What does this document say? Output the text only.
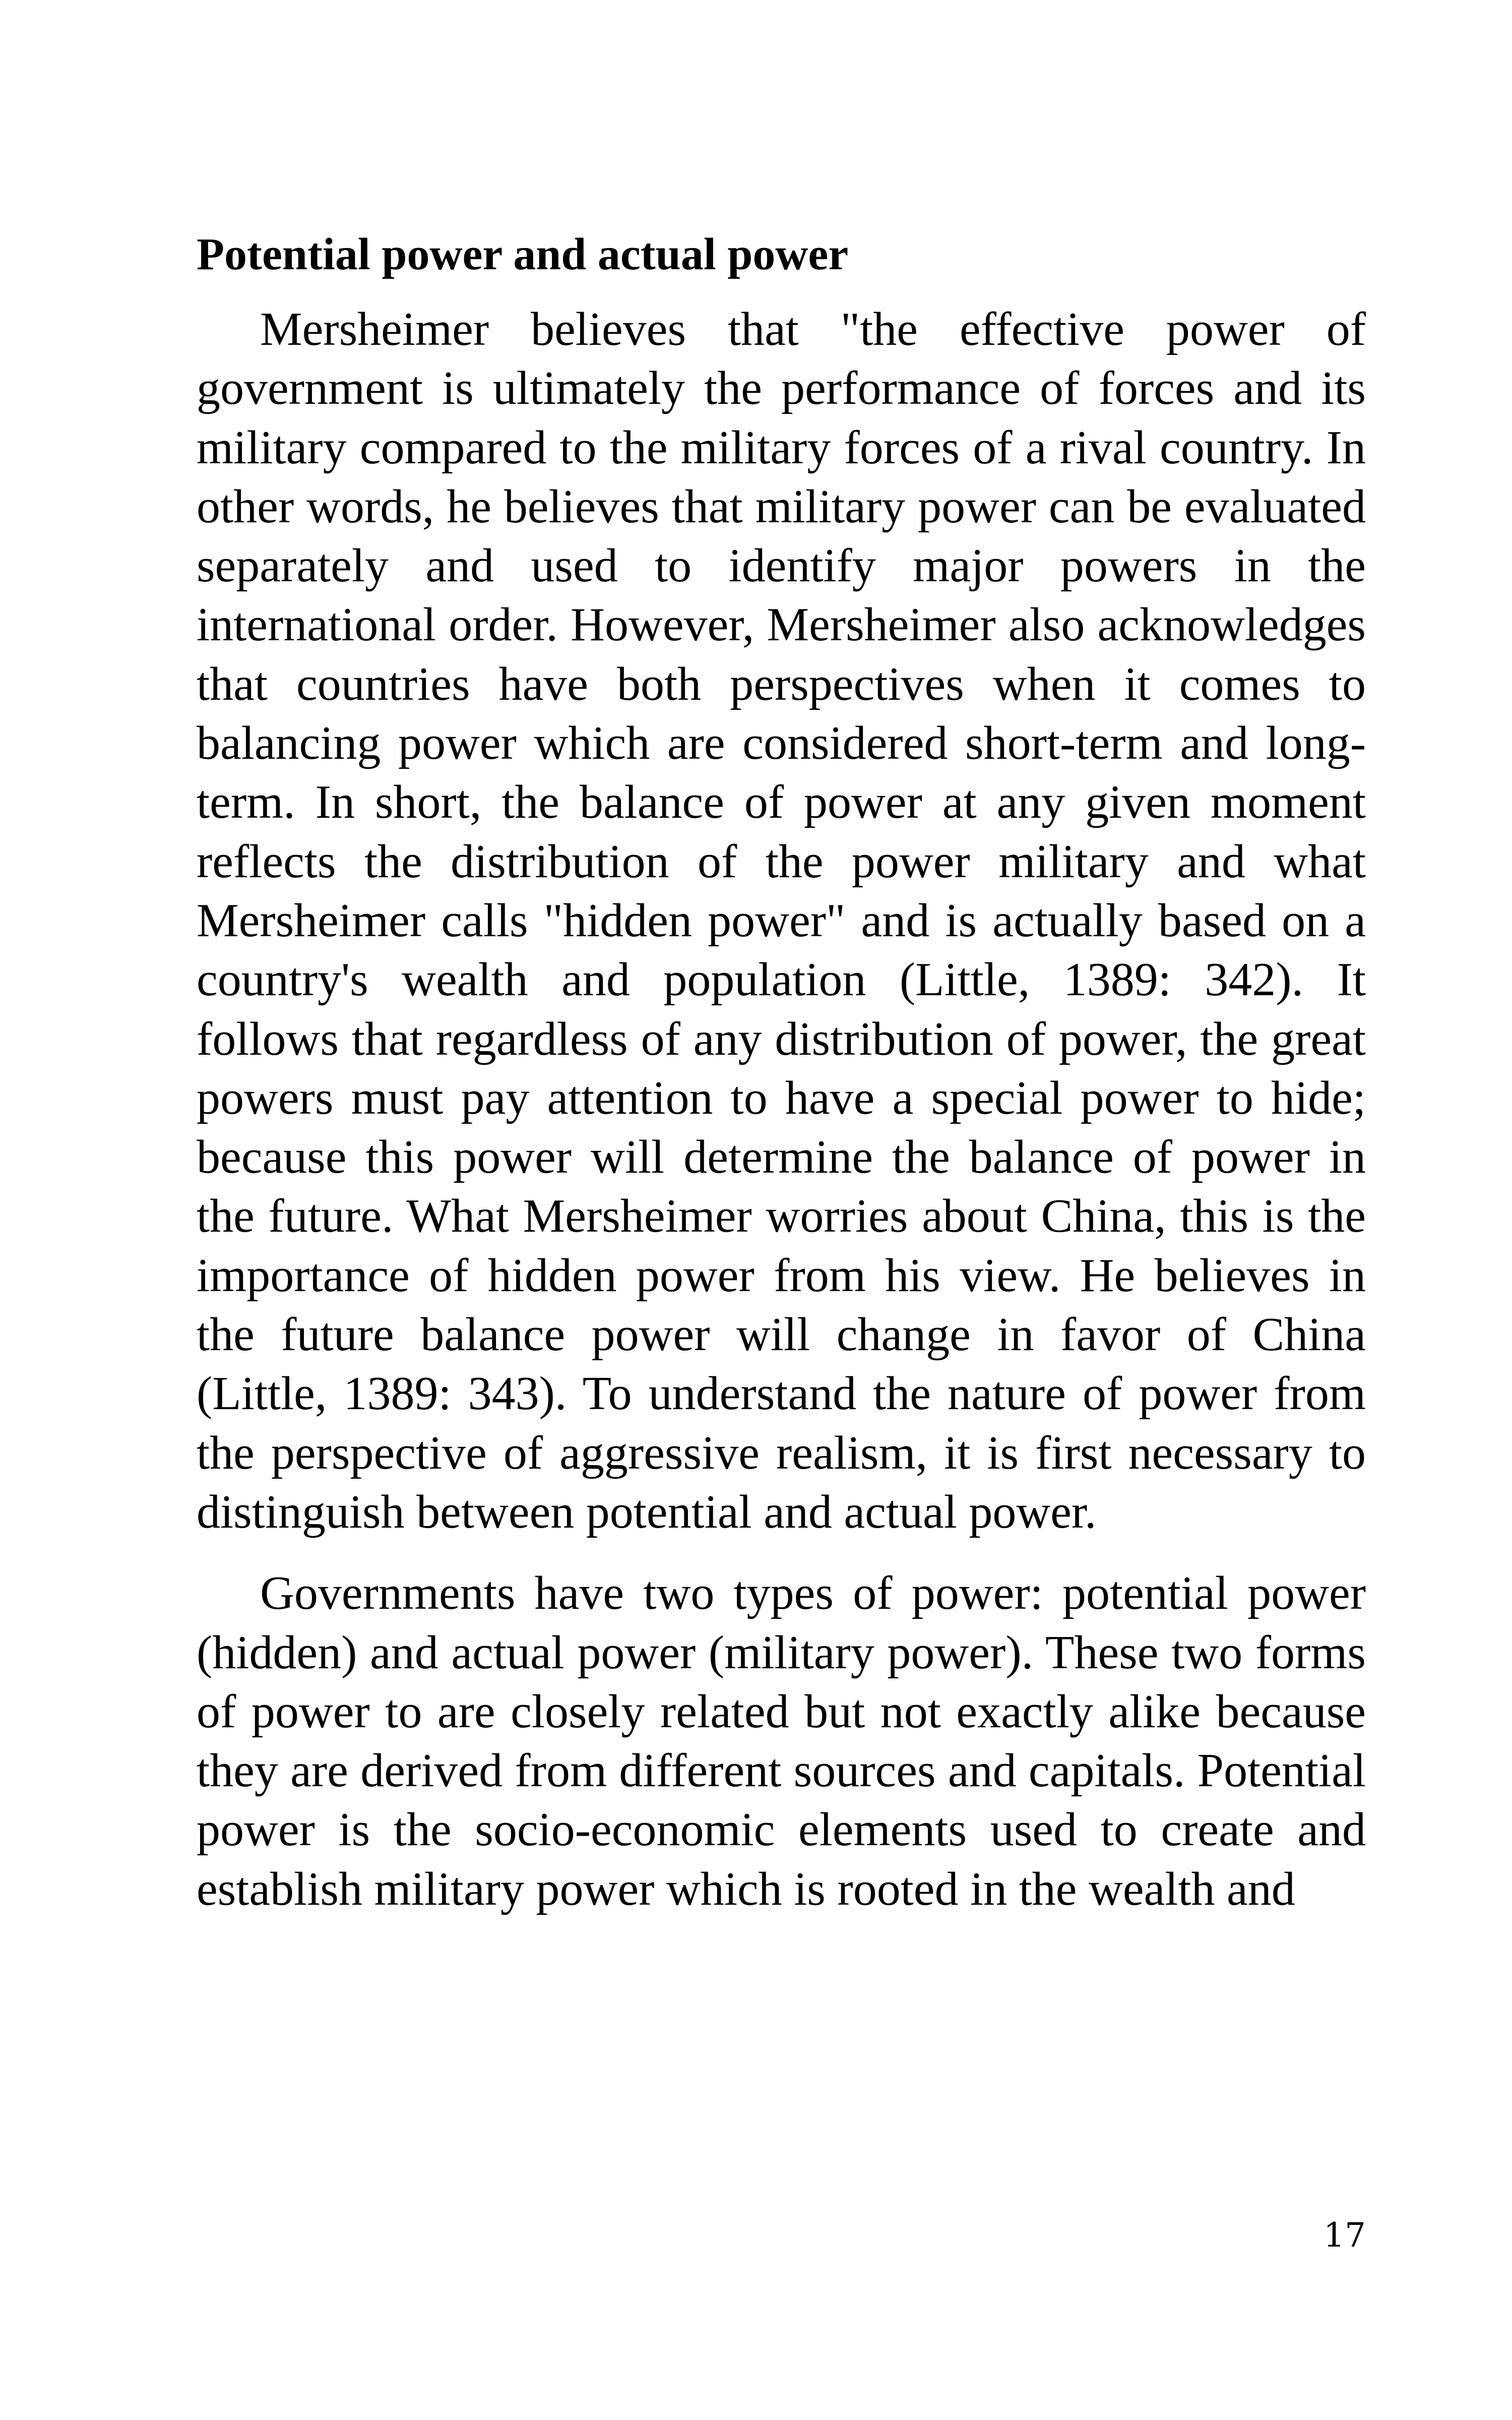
Potential power and actual power

Mersheimer believes that "the effective power of government is ultimately the performance of forces and its military compared to the military forces of a rival country. In other words, he believes that military power can be evaluated separately and used to identify major powers in the international order. However, Mersheimer also acknowledges that countries have both perspectives when it comes to balancing power which are considered short-term and long-term. In short, the balance of power at any given moment reflects the distribution of the power military and what Mersheimer calls "hidden power" and is actually based on a country's wealth and population (Little, 1389: 342). It follows that regardless of any distribution of power, the great powers must pay attention to have a special power to hide; because this power will determine the balance of power in the future. What Mersheimer worries about China, this is the importance of hidden power from his view. He believes in the future balance power will change in favor of China (Little, 1389: 343). To understand the nature of power from the perspective of aggressive realism, it is first necessary to distinguish between potential and actual power.

Governments have two types of power: potential power (hidden) and actual power (military power). These two forms of power to are closely related but not exactly alike because they are derived from different sources and capitals. Potential power is the socio-economic elements used to create and establish military power which is rooted in the wealth and

17
